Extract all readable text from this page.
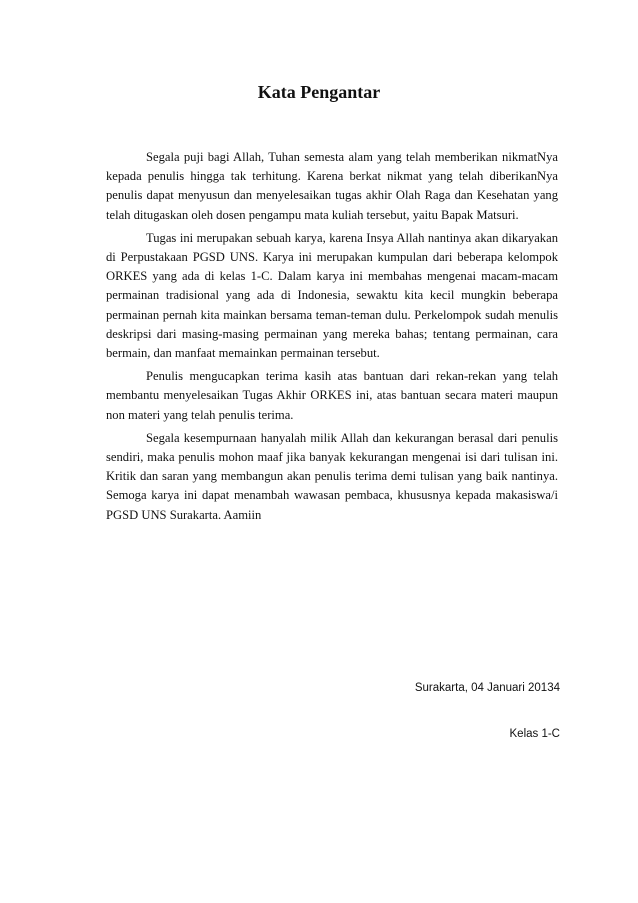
Kata Pengantar

Segala puji bagi Allah, Tuhan semesta alam yang telah memberikan nikmatNya kepada penulis hingga tak terhitung. Karena berkat nikmat yang telah diberikanNya penulis dapat menyusun dan menyelesaikan tugas akhir Olah Raga dan Kesehatan yang telah ditugaskan oleh dosen pengampu mata kuliah tersebut, yaitu Bapak Matsuri.

Tugas ini merupakan sebuah karya, karena Insya Allah nantinya akan dikaryakan di Perpustakaan PGSD UNS. Karya ini merupakan kumpulan dari beberapa kelompok ORKES yang ada di kelas 1-C. Dalam karya ini membahas mengenai macam-macam permainan tradisional yang ada di Indonesia, sewaktu kita kecil mungkin beberapa permainan pernah kita mainkan bersama teman-teman dulu. Perkelompok sudah menulis deskripsi dari masing-masing permainan yang mereka bahas; tentang permainan, cara bermain, dan manfaat memainkan permainan tersebut.

Penulis mengucapkan terima kasih atas bantuan dari rekan-rekan yang telah membantu menyelesaikan Tugas Akhir ORKES ini, atas bantuan secara materi maupun non materi yang telah penulis terima.

Segala kesempurnaan hanyalah milik Allah dan kekurangan berasal dari penulis sendiri, maka penulis mohon maaf jika banyak kekurangan mengenai isi dari tulisan ini. Kritik dan saran yang membangun akan penulis terima demi tulisan yang baik nantinya. Semoga karya ini dapat menambah wawasan pembaca, khususnya kepada makasiswa/i PGSD UNS Surakarta. Aamiin

Surakarta, 04 Januari 20134
Kelas 1-C
